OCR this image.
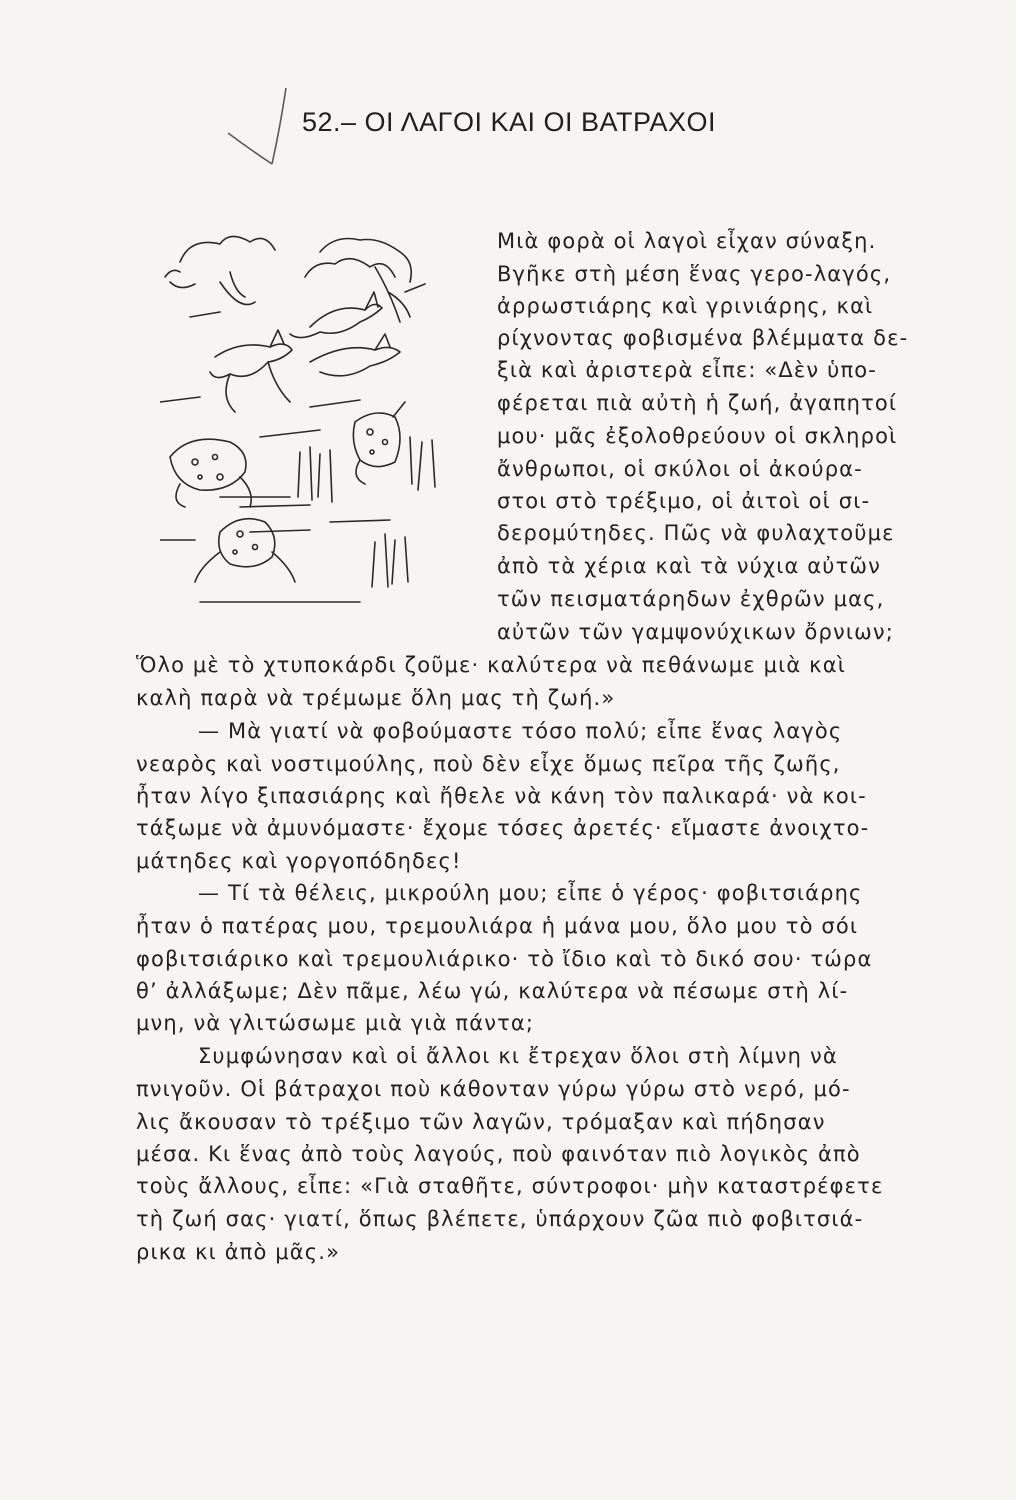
52.– ΟΙ ΛΑΓΟΙ ΚΑΙ ΟΙ ΒΑΤΡΑΧΟΙ
Μιὰ φορὰ οἱ λαγοὶ εἶχαν σύναξη.
Βγῆκε στὴ μέση ἕνας γερο-λαγός,
ἀρρωστιάρης καὶ γρινιάρης, καὶ
ρίχνοντας φοβισμένα βλέμματα δε-
ξιὰ καὶ ἀριστερὰ εἶπε: «Δὲν ὑπο-
φέρεται πιὰ αὐτὴ ἡ ζωή, ἀγαπητοί
μου· μᾶς ἐξολοθρεύουν οἱ σκληροὶ
ἄνθρωποι, οἱ σκύλοι οἱ ἀκούρα-
στοι στὸ τρέξιμο, οἱ ἀιτοὶ οἱ σι-
δερομύτηδες. Πῶς νὰ φυλαχτοῦμε
ἀπὸ τὰ χέρια καὶ τὰ νύχια αὐτῶν
τῶν πεισματάρηδων ἐχθρῶν μας,
αὐτῶν τῶν γαμψονύχικων ὄρνιων;
Ὅλο μὲ τὸ χτυποκάρδι ζοῦμε· καλύτερα νὰ πεθάνωμε μιὰ καὶ
καλὴ παρὰ νὰ τρέμωμε ὅλη μας τὴ ζωή.»
— Μὰ γιατί νὰ φοβούμαστε τόσο πολύ; εἶπε ἕνας λαγὸς
νεαρὸς καὶ νοστιμούλης, ποὺ δὲν εἶχε ὅμως πεῖρα τῆς ζωῆς,
ἦταν λίγο ξιπασιάρης καὶ ἤθελε νὰ κάνη τὸν παλικαρά· νὰ κοι-
τάξωμε νὰ ἀμυνόμαστε· ἔχομε τόσες ἀρετές· εἴμαστε ἀνοιχτο-
μάτηδες καὶ γοργοπόδηδες!
— Τί τὰ θέλεις, μικρούλη μου; εἶπε ὁ γέρος· φοβιτσιάρης
ἦταν ὁ πατέρας μου, τρεμουλιάρα ἡ μάνα μου, ὅλο μου τὸ σόι
φοβιτσιάρικο καὶ τρεμουλιάρικο· τὸ ἴδιο καὶ τὸ δικό σου· τώρα
θ’ ἀλλάξωμε; Δὲν πᾶμε, λέω γώ, καλύτερα νὰ πέσωμε στὴ λί-
μνη, νὰ γλιτώσωμε μιὰ γιὰ πάντα;
Συμφώνησαν καὶ οἱ ἄλλοι κι ἔτρεχαν ὅλοι στὴ λίμνη νὰ
πνιγοῦν. Οἱ βάτραχοι ποὺ κάθονταν γύρω γύρω στὸ νερό, μό-
λις ἄκουσαν τὸ τρέξιμο τῶν λαγῶν, τρόμαξαν καὶ πήδησαν
μέσα. Κι ἕνας ἀπὸ τοὺς λαγούς, ποὺ φαινόταν πιὸ λογικὸς ἀπὸ
τοὺς ἄλλους, εἶπε: «Γιὰ σταθῆτε, σύντροφοι· μὴν καταστρέφετε
τὴ ζωή σας· γιατί, ὅπως βλέπετε, ὑπάρχουν ζῶα πιὸ φοβιτσιά-
ρικα κι ἀπὸ μᾶς.»
